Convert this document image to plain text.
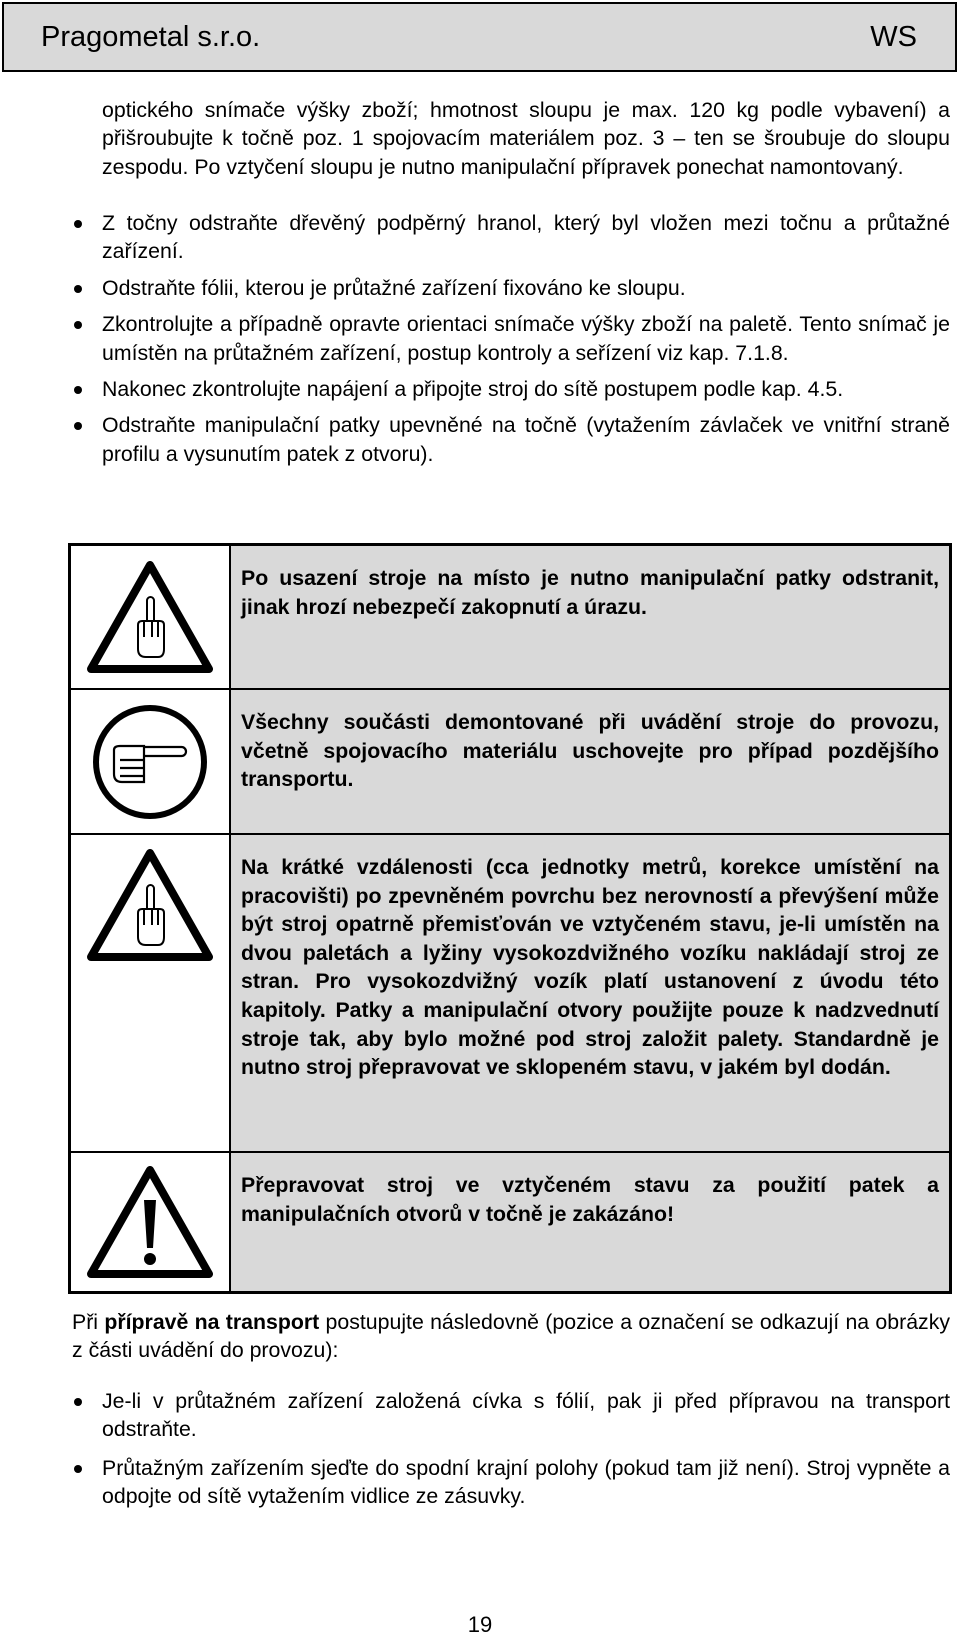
Pragometal s.r.o.	WS

optického snímače výšky zboží; hmotnost sloupu je max. 120 kg podle vybavení) a přišroubujte k točně poz. 1 spojovacím materiálem poz. 3 – ten se šroubuje do sloupu zespodu. Po vztyčení sloupu je nutno manipulační přípravek ponechat namontovaný.

Z točny odstraňte dřevěný podpěrný hranol, který byl vložen mezi točnu a průtažné zařízení.
Odstraňte fólii, kterou je průtažné zařízení fixováno ke sloupu.
Zkontrolujte a případně opravte orientaci snímače výšky zboží na paletě. Tento snímač je umístěn na průtažném zařízení, postup kontroly a seřízení viz kap. 7.1.8.
Nakonec zkontrolujte napájení a připojte stroj do sítě postupem podle kap. 4.5.
Odstraňte manipulační patky upevněné na točně (vytažením závlaček ve vnitřní straně profilu a vysunutím patek z otvoru).

Po usazení stroje na místo je nutno manipulační patky odstranit, jinak hrozí nebezpečí zakopnutí a úrazu.

Všechny součásti demontované při uvádění stroje do provozu, včetně spojovacího materiálu uschovejte pro případ pozdějšího transportu.

Na krátké vzdálenosti (cca jednotky metrů, korekce umístění na pracovišti) po zpevněném povrchu bez nerovností a převýšení může být stroj opatrně přemisťován ve vztyčeném stavu, je-li umístěn na dvou paletách a lyžiny vysokozdvižného vozíku nakládají stroj ze stran. Pro vysokozdvižný vozík platí ustanovení z úvodu této kapitoly. Patky a manipulační otvory použijte pouze k nadzvednutí stroje tak, aby bylo možné pod stroj založit palety. Standardně je nutno stroj přepravovat ve sklopeném stavu, v jakém byl dodán.

Přepravovat stroj ve vztyčeném stavu za použití patek a manipulačních otvorů v točně je zakázáno!

Při přípravě na transport postupujte následovně (pozice a označení se odkazují na obrázky z části uvádění do provozu):

Je-li v průtažném zařízení založená cívka s fólií, pak ji před přípravou na transport odstraňte.
Průtažným zařízením sjeďte do spodní krajní polohy (pokud tam již není). Stroj vypněte a odpojte od sítě vytažením vidlice ze zásuvky.
19
